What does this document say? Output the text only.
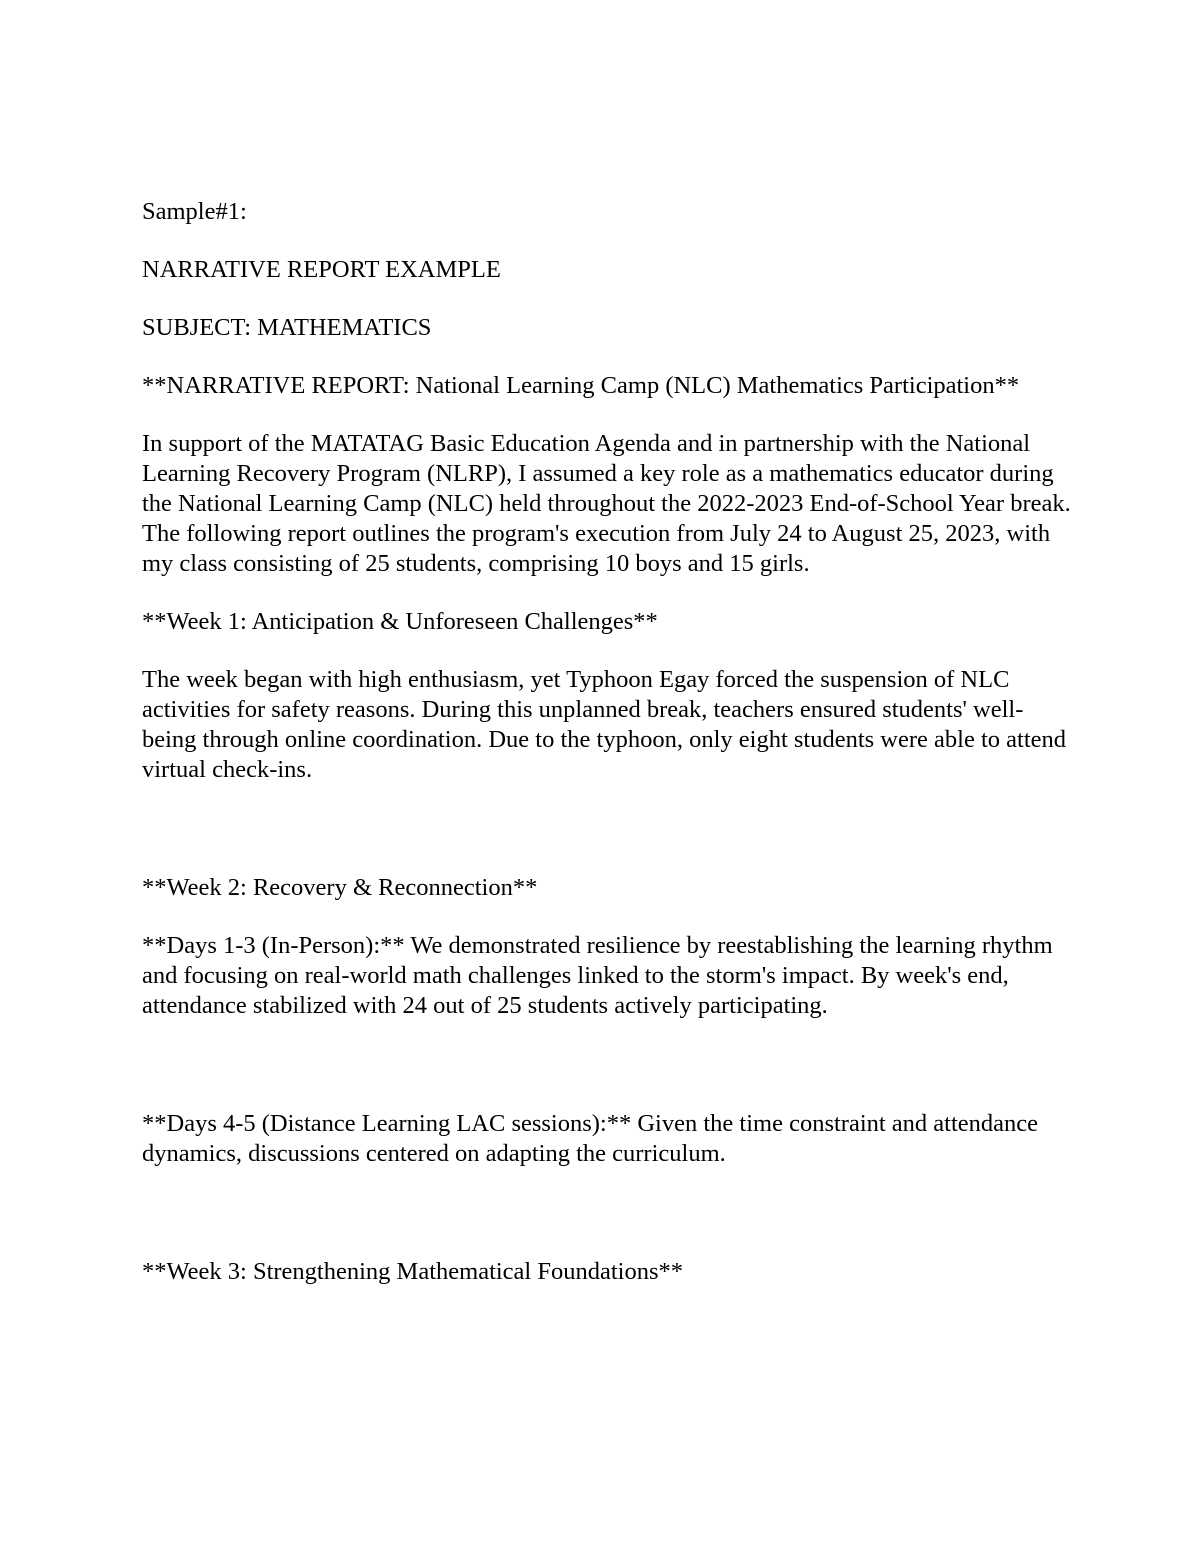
Sample#1:

NARRATIVE REPORT EXAMPLE

SUBJECT: MATHEMATICS

**NARRATIVE REPORT: National Learning Camp (NLC) Mathematics Participation**

In support of the MATATAG Basic Education Agenda and in partnership with the National Learning Recovery Program (NLRP), I assumed a key role as a mathematics educator during the National Learning Camp (NLC) held throughout the 2022-2023 End-of-School Year break. The following report outlines the program's execution from July 24 to August 25, 2023, with my class consisting of 25 students, comprising 10 boys and 15 girls.

**Week 1: Anticipation & Unforeseen Challenges**

The week began with high enthusiasm, yet Typhoon Egay forced the suspension of NLC activities for safety reasons. During this unplanned break, teachers ensured students' well-being through online coordination. Due to the typhoon, only eight students were able to attend virtual check-ins.

**Week 2: Recovery & Reconnection**

**Days 1-3 (In-Person):** We demonstrated resilience by reestablishing the learning rhythm and focusing on real-world math challenges linked to the storm's impact. By week's end, attendance stabilized with 24 out of 25 students actively participating.

**Days 4-5 (Distance Learning LAC sessions):** Given the time constraint and attendance dynamics, discussions centered on adapting the curriculum.

**Week 3: Strengthening Mathematical Foundations**
